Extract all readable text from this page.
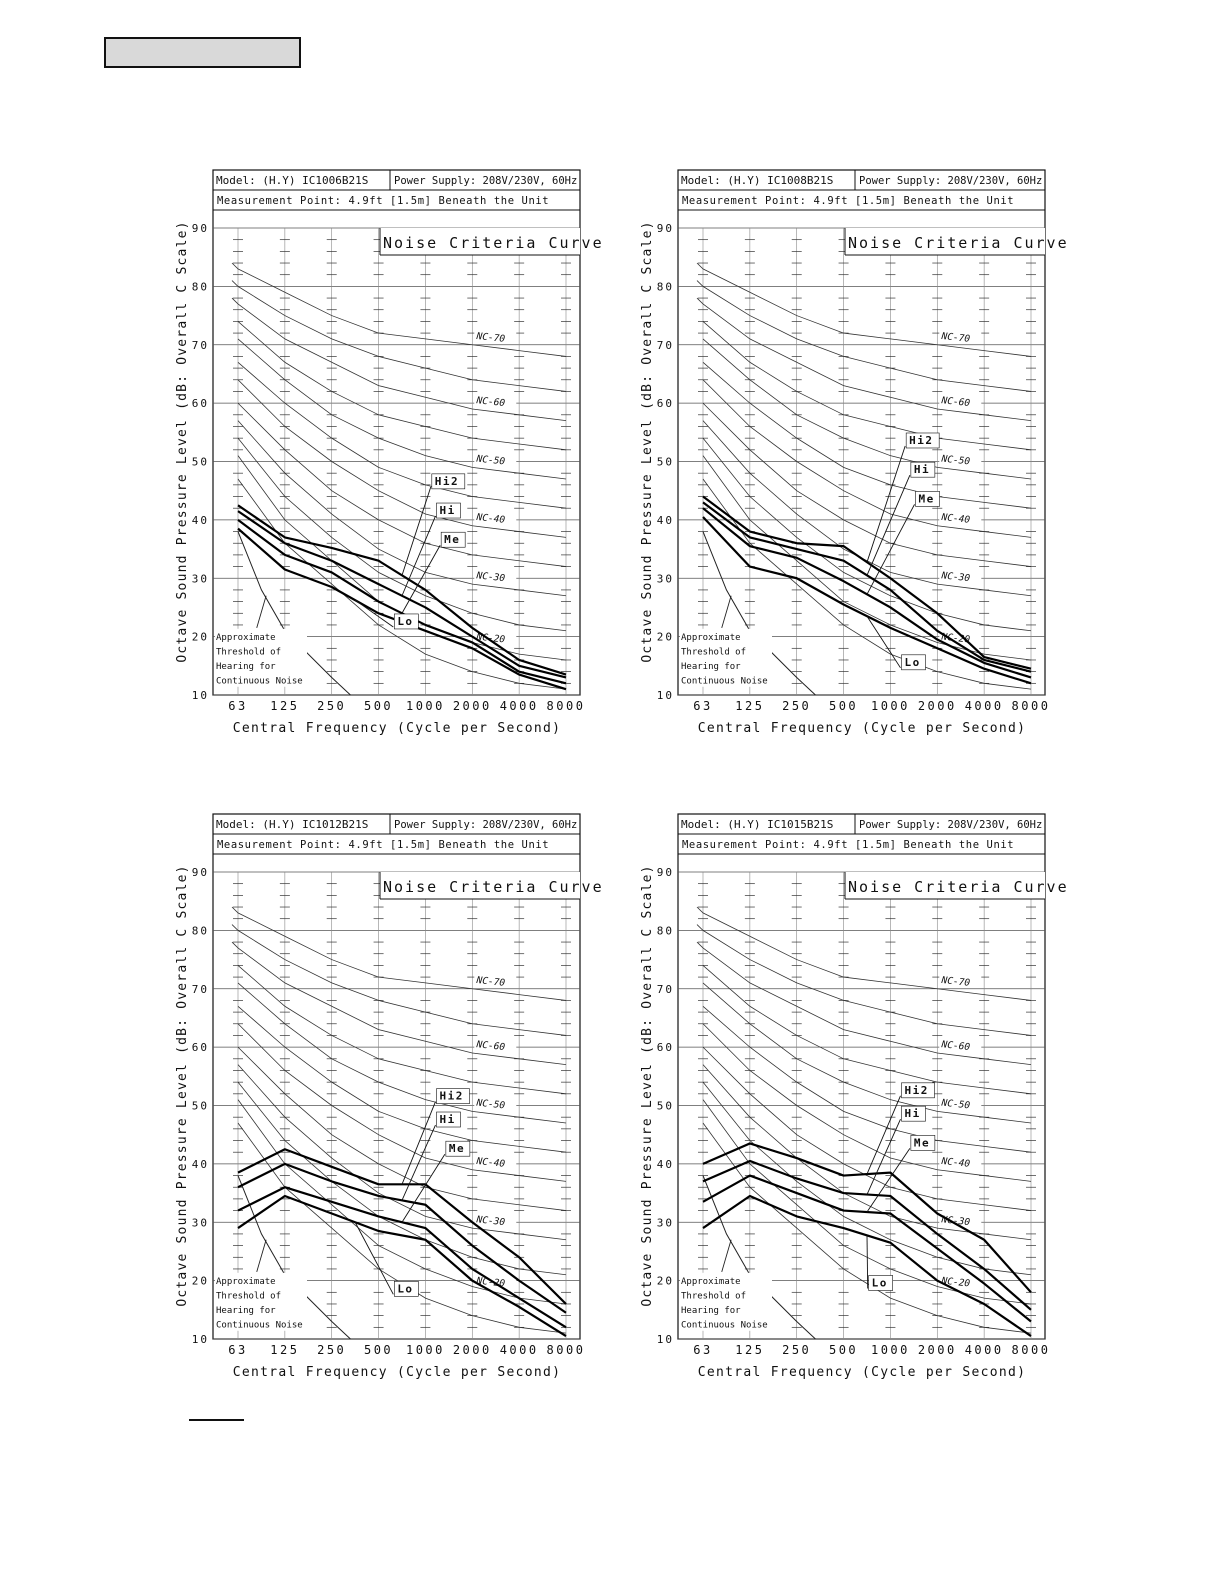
Model: (H.Y) IC1006B21S Power Supply: 208V/230V, 60Hz
Measurement Point: 4.9ft [1.5m] Beneath the Unit
Noise Criteria Curve
10
20
30
40
50
60
70
80
90
63 125 250 500 1000 2000 4000 8000
Central Frequency (Cycle per Second)
Octave Sound Pressure Level (dB: Overall C Scale)	NC-70
NC-60
NC-50
NC-40
NC-30
NC-20
Approximate
Threshold of
Hearing for
Continuous Noise
Hi2
Hi
Me
Lo
Model: (H.Y) IC1008B21S Power Supply: 208V/230V, 60Hz
Measurement Point: 4.9ft [1.5m] Beneath the Unit
Noise Criteria Curve
10
20
30
40
50
60
70
80
90
63 125 250 500 1000 2000 4000 8000
Central Frequency (Cycle per Second)
Octave Sound Pressure Level (dB: Overall C Scale)	NC-70
NC-60
NC-50
NC-40
NC-30
NC-20
Approximate
Threshold of
Hearing for
Continuous Noise
Hi2
Hi
Me
Lo
Model: (H.Y) IC1012B21S Power Supply: 208V/230V, 60Hz
Measurement Point: 4.9ft [1.5m] Beneath the Unit
Noise Criteria Curve
10
20
30
40
50
60
70
80
90
63 125 250 500 1000 2000 4000 8000
Central Frequency (Cycle per Second)
Octave Sound Pressure Level (dB: Overall C Scale)	NC-70
NC-60
NC-50
NC-40
NC-30
NC-20
Approximate
Threshold of
Hearing for
Continuous Noise
Hi2
Hi
Me
Lo
Model: (H.Y) IC1015B21S Power Supply: 208V/230V, 60Hz
Measurement Point: 4.9ft [1.5m] Beneath the Unit
Noise Criteria Curve
10
20
30
40
50
60
70
80
90
63 125 250 500 1000 2000 4000 8000
Central Frequency (Cycle per Second)
Octave Sound Pressure Level (dB: Overall C Scale)	NC-70
NC-60
NC-50
NC-40
NC-30
NC-20
Approximate
Threshold of
Hearing for
Continuous Noise
Hi2
Hi
Me
Lo
